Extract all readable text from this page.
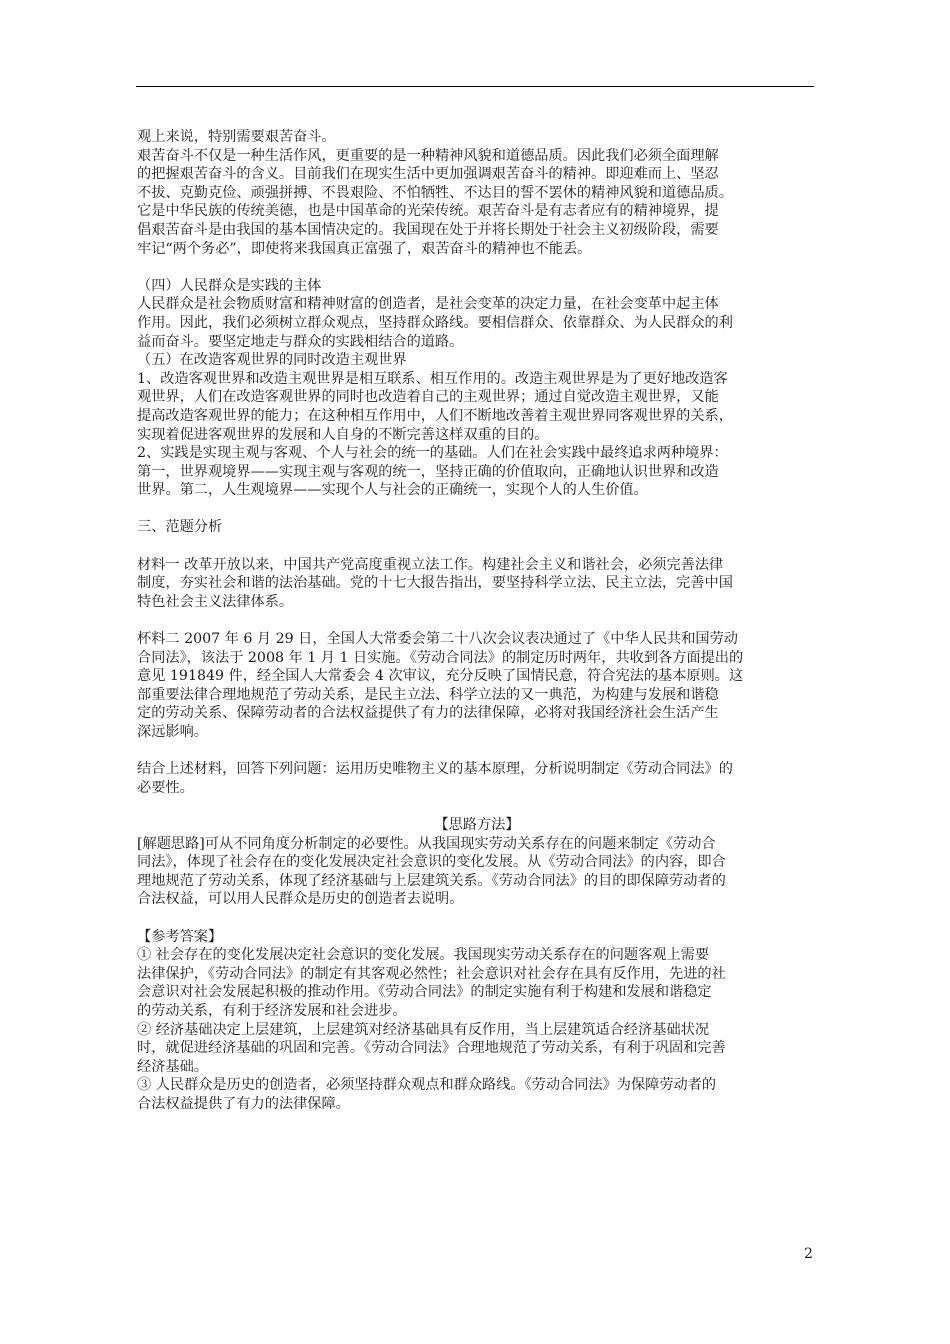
观上来说，特别需要艰苦奋斗。
艰苦奋斗不仅是一种生活作风，更重要的是一种精神风貌和道德品质。因此我们必须全面理解
的把握艰苦奋斗的含义。目前我们在现实生活中更加强调艰苦奋斗的精神。即迎难而上、坚忍
不拔、克勤克俭、顽强拼搏、不畏艰险、不怕牺牲、不达目的誓不罢休的精神风貌和道德品质。
它是中华民族的传统美德，也是中国革命的光荣传统。艰苦奋斗是有志者应有的精神境界，提
倡艰苦奋斗是由我国的基本国情决定的。我国现在处于并将长期处于社会主义初级阶段，需要
牢记“两个务必”，即使将来我国真正富强了，艰苦奋斗的精神也不能丢。
（四）人民群众是实践的主体
人民群众是社会物质财富和精神财富的创造者，是社会变革的决定力量，在社会变革中起主体
作用。因此，我们必须树立群众观点，坚持群众路线。要相信群众、依靠群众、为人民群众的利
益而奋斗。要坚定地走与群众的实践相结合的道路。
（五）在改造客观世界的同时改造主观世界
1、改造客观世界和改造主观世界是相互联系、相互作用的。改造主观世界是为了更好地改造客
观世界，人们在改造客观世界的同时也改造着自己的主观世界；通过自觉改造主观世界，又能
提高改造客观世界的能力；在这种相互作用中，人们不断地改善着主观世界同客观世界的关系，
实现着促进客观世界的发展和人自身的不断完善这样双重的目的。
2、实践是实现主观与客观、个人与社会的统一的基础。人们在社会实践中最终追求两种境界：
第一，世界观境界——实现主观与客观的统一，坚持正确的价值取向，正确地认识世界和改造
世界。第二，人生观境界——实现个人与社会的正确统一，实现个人的人生价值。
三、范题分析
材料一 改革开放以来，中国共产党高度重视立法工作。构建社会主义和谐社会，必须完善法律
制度，夯实社会和谐的法治基础。党的十七大报告指出，要坚持科学立法、民主立法，完善中国
特色社会主义法律体系。
杯料二 2007 年 6 月 29 日，全国人大常委会第二十八次会议表决通过了《中华人民共和国劳动
合同法》，该法于 2008 年 1 月 1 日实施。《劳动合同法》的制定历时两年，共收到各方面提出的
意见 191849 件，经全国人大常委会 4 次审议，充分反映了国情民意，符合宪法的基本原则。这
部重要法律合理地规范了劳动关系，是民主立法、科学立法的又一典范，为构建与发展和谐稳
定的劳动关系、保障劳动者的合法权益提供了有力的法律保障，必将对我国经济社会生活产生
深远影响。
结合上述材料，回答下列问题：运用历史唯物主义的基本原理，分析说明制定《劳动合同法》的
必要性。
【思路方法】
[解题思路]可从不同角度分析制定的必要性。从我国现实劳动关系存在的问题来制定《劳动合
同法》，体现了社会存在的变化发展决定社会意识的变化发展。从《劳动合同法》的内容，即合
理地规范了劳动关系，体现了经济基础与上层建筑关系。《劳动合同法》的目的即保障劳动者的
合法权益，可以用人民群众是历史的创造者去说明。
【参考答案】
① 社会存在的变化发展决定社会意识的变化发展。我国现实劳动关系存在的问题客观上需要
法律保护，《劳动合同法》的制定有其客观必然性；社会意识对社会存在具有反作用，先进的社
会意识对社会发展起积极的推动作用。《劳动合同法》的制定实施有利于构建和发展和谐稳定
的劳动关系，有利于经济发展和社会进步。
② 经济基础决定上层建筑，上层建筑对经济基础具有反作用，当上层建筑适合经济基础状况
时，就促进经济基础的巩固和完善。《劳动合同法》合理地规范了劳动关系，有利于巩固和完善
经济基础。
③ 人民群众是历史的创造者，必须坚持群众观点和群众路线。《劳动合同法》为保障劳动者的
合法权益提供了有力的法律保障。
2
